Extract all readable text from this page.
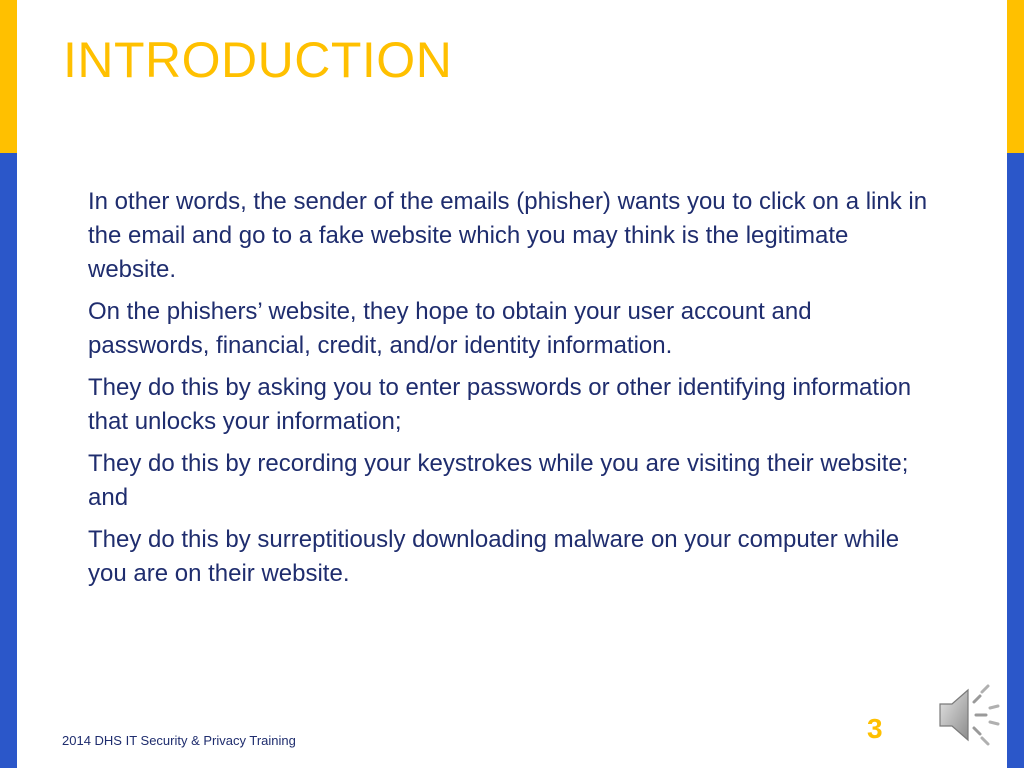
INTRODUCTION

In other words, the sender of the emails (phisher) wants you to click on a link in the email and go to a fake website which you may think is the legitimate website.

On the phishers’ website, they hope to obtain your user account and passwords, financial, credit, and/or identity information.

They do this by asking you to enter passwords or other identifying information that unlocks your information;

They do this by recording your keystrokes while you are visiting their website; and

They do this by surreptitiously downloading malware on your computer while you are on their website.

2014 DHS IT Security & Privacy Training	3
